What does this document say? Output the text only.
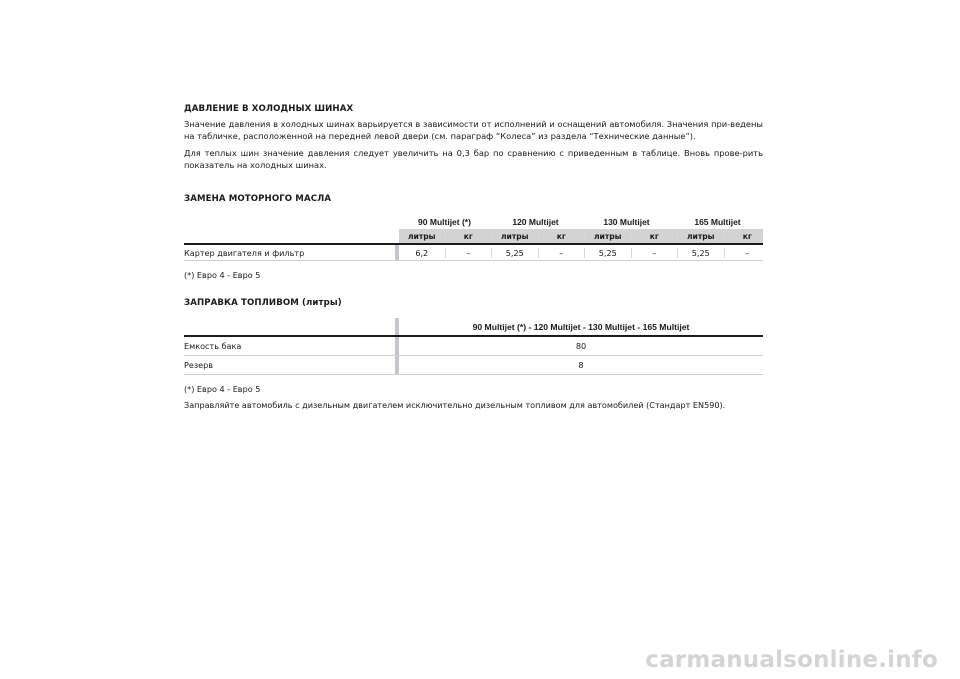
ДАВЛЕНИЕ В ХОЛОДНЫХ ШИНАХ

Значение давления в холодных шинах варьируется в зависимости от исполнений и оснащений автомобиля. Значения при-ведены на табличке, расположенной на передней левой двери (см. параграф “Колеса” из раздела “Технические данные”).

Для теплых шин значение давления следует увеличить на 0,3 бар по сравнению с приведенным в таблице. Вновь прове-рить показатель на холодных шинах.

ЗАМЕНА МОТОРНОГО МАСЛА

90 Multijet (*)	120 Multijet	130 Multijet	165 Multijet
литры	кг	литры	кг	литры	кг	литры	кг
Картер двигателя и фильтр	6,2	–	5,25	–	5,25	–	5,25	–
(*) Евро 4 - Евро 5

ЗАПРАВКА ТОПЛИВОМ (литры)

90 Multijet (*) - 120 Multijet - 130 Multijet - 165 Multijet
Емкость бака	80
Резерв	8
(*) Евро 4 - Евро 5
Заправляйте автомобиль с дизельным двигателем исключительно дизельным топливом для автомобилей (Стандарт EN590).
carmanualsonline.info
